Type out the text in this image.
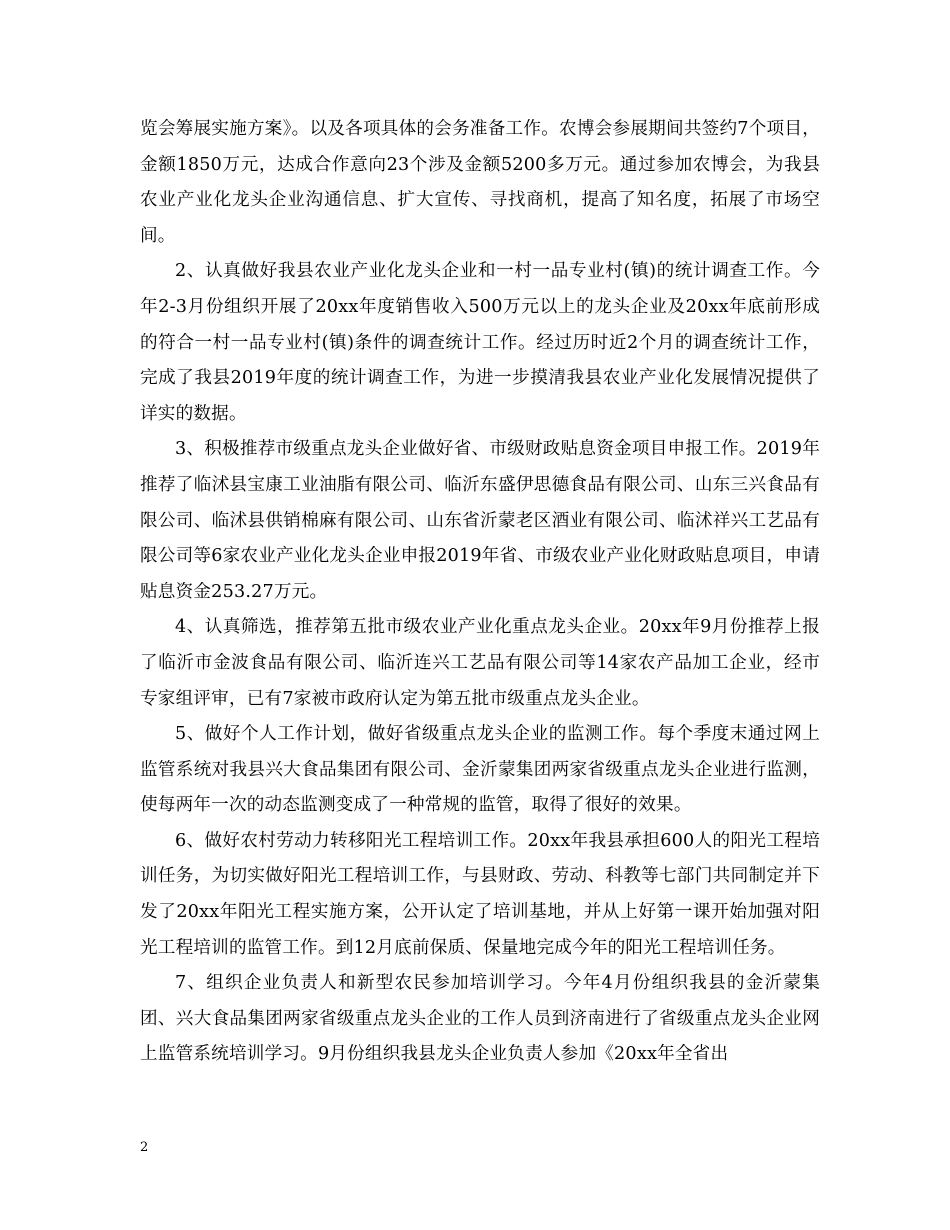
览会筹展实施方案》。以及各项具体的会务准备工作。农博会参展期间共签约7个项目，金额1850万元，达成合作意向23个涉及金额5200多万元。通过参加农博会，为我县农业产业化龙头企业沟通信息、扩大宣传、寻找商机，提高了知名度，拓展了市场空间。

2、认真做好我县农业产业化龙头企业和一村一品专业村(镇)的统计调查工作。今年2-3月份组织开展了20xx年度销售收入500万元以上的龙头企业及20xx年底前形成的符合一村一品专业村(镇)条件的调查统计工作。经过历时近2个月的调查统计工作，完成了我县2019年度的统计调查工作，为进一步摸清我县农业产业化发展情况提供了详实的数据。

3、积极推荐市级重点龙头企业做好省、市级财政贴息资金项目申报工作。2019年推荐了临沭县宝康工业油脂有限公司、临沂东盛伊思德食品有限公司、山东三兴食品有限公司、临沭县供销棉麻有限公司、山东省沂蒙老区酒业有限公司、临沭祥兴工艺品有限公司等6家农业产业化龙头企业申报2019年省、市级农业产业化财政贴息项目，申请贴息资金253.27万元。

4、认真筛选，推荐第五批市级农业产业化重点龙头企业。20xx年9月份推荐上报了临沂市金波食品有限公司、临沂连兴工艺品有限公司等14家农产品加工企业，经市专家组评审，已有7家被市政府认定为第五批市级重点龙头企业。

5、做好个人工作计划，做好省级重点龙头企业的监测工作。每个季度末通过网上监管系统对我县兴大食品集团有限公司、金沂蒙集团两家省级重点龙头企业进行监测，使每两年一次的动态监测变成了一种常规的监管，取得了很好的效果。

6、做好农村劳动力转移阳光工程培训工作。20xx年我县承担600人的阳光工程培训任务，为切实做好阳光工程培训工作，与县财政、劳动、科教等七部门共同制定并下发了20xx年阳光工程实施方案，公开认定了培训基地，并从上好第一课开始加强对阳光工程培训的监管工作。到12月底前保质、保量地完成今年的阳光工程培训任务。

7、组织企业负责人和新型农民参加培训学习。今年4月份组织我县的金沂蒙集团、兴大食品集团两家省级重点龙头企业的工作人员到济南进行了省级重点龙头企业网上监管系统培训学习。9月份组织我县龙头企业负责人参加《20xx年全省出

2
